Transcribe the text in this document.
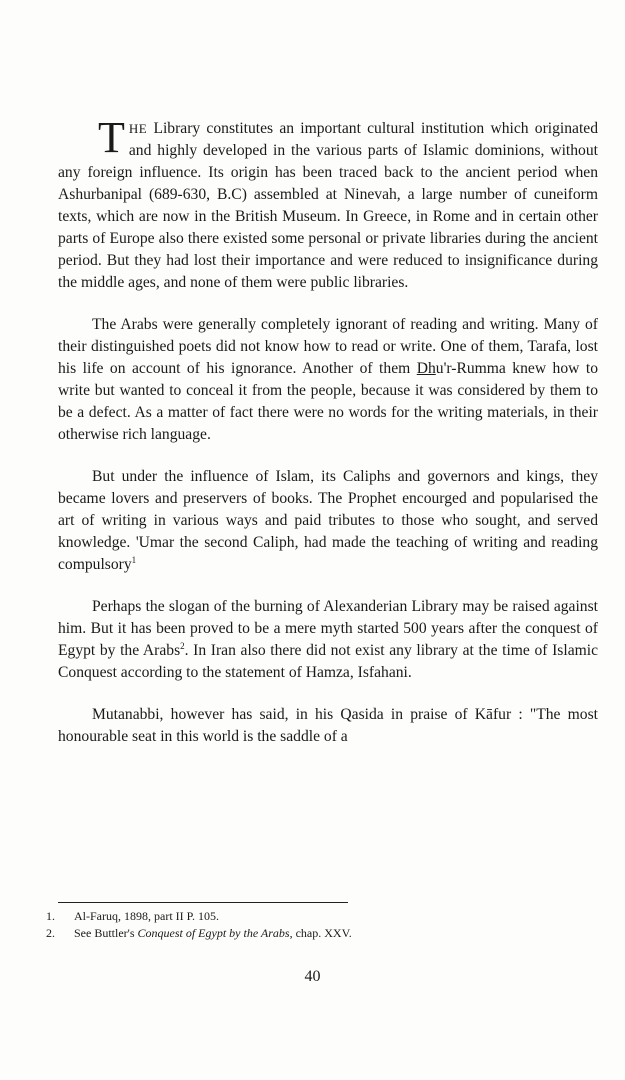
THE Library constitutes an important cultural institution which originated and highly developed in the various parts of Islamic dominions, without any foreign influence. Its origin has been traced back to the ancient period when Ashurbanipal (689-630, B.C) assembled at Ninevah, a large number of cuneiform texts, which are now in the British Museum. In Greece, in Rome and in certain other parts of Europe also there existed some personal or private libraries during the ancient period. But they had lost their importance and were reduced to insignificance during the middle ages, and none of them were public libraries.

The Arabs were generally completely ignorant of reading and writing. Many of their distinguished poets did not know how to read or write. One of them, Tarafa, lost his life on account of his ignorance. Another of them Dhu'r-Rumma knew how to write but wanted to conceal it from the people, because it was considered by them to be a defect. As a matter of fact there were no words for the writing materials, in their otherwise rich language.

But under the influence of Islam, its Caliphs and governors and kings, they became lovers and preservers of books. The Prophet encourged and popularised the art of writing in various ways and paid tributes to those who sought, and served knowledge. 'Umar the second Caliph, had made the teaching of writing and reading compulsory$^1$

Perhaps the slogan of the burning of Alexanderian Library may be raised against him. But it has been proved to be a mere myth started 500 years after the conquest of Egypt by the Arabs$^2$. In Iran also there did not exist any library at the time of Islamic Conquest according to the statement of Hamza, Isfahani.

Mutanabbi, however has said, in his Qasida in praise of Kāfur : "The most honourable seat in this world is the saddle of a

1.	Al-Faruq, 1898, part II P. 105.
2.	See Buttler's Conquest of Egypt by the Arabs, chap. XXV.
40
